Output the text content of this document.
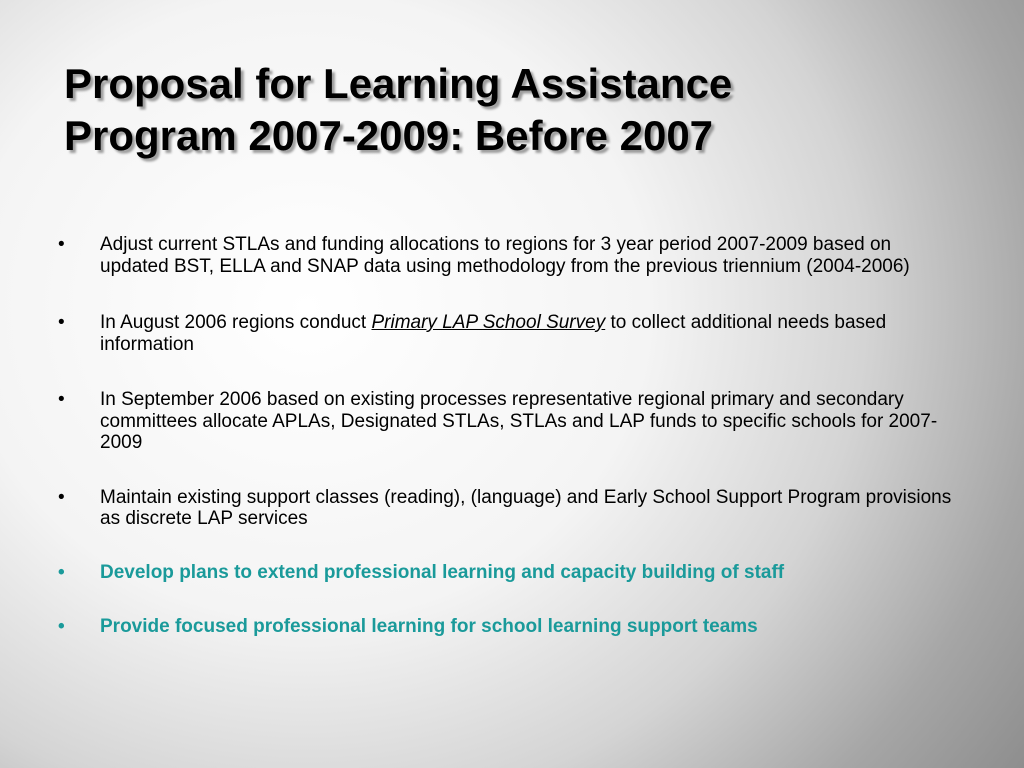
Proposal for Learning Assistance
Program 2007-2009: Before 2007
• Adjust current STLAs and funding allocations to regions for 3 year period 2007-2009 based on updated BST, ELLA and SNAP data using methodology from the previous triennium (2004-2006)
• In August 2006 regions conduct Primary LAP School Survey to collect additional needs based information
• In September 2006 based on existing processes representative regional primary and secondary committees allocate APLAs, Designated STLAs, STLAs and LAP funds to specific schools for 2007-2009
• Maintain existing support classes (reading), (language) and Early School Support Program provisions as discrete LAP services
• Develop plans to extend professional learning and capacity building of staff
• Provide focused professional learning for school learning support teams
